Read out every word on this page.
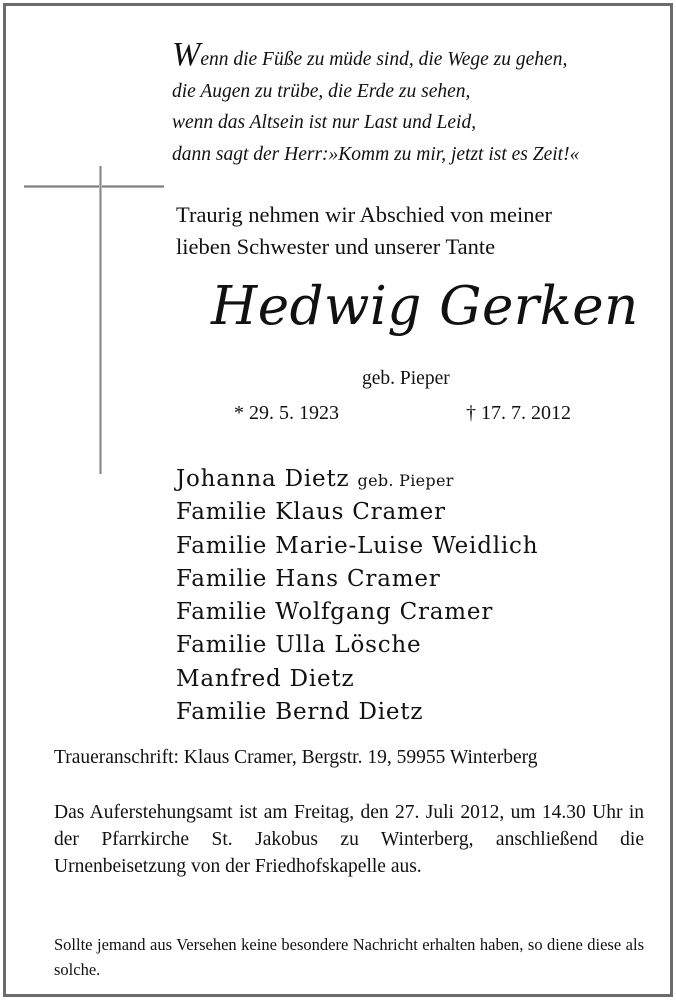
Wenn die Füße zu müde sind, die Wege zu gehen,
die Augen zu trübe, die Erde zu sehen,
wenn das Altsein ist nur Last und Leid,
dann sagt der Herr:»Komm zu mir, jetzt ist es Zeit!«
Traurig nehmen wir Abschied von meiner
lieben Schwester und unserer Tante
Hedwig Gerken
geb. Pieper
* 29. 5. 1923	† 17. 7. 2012
Johanna Dietz geb. Pieper
Familie Klaus Cramer
Familie Marie-Luise Weidlich
Familie Hans Cramer
Familie Wolfgang Cramer
Familie Ulla Lösche
Manfred Dietz
Familie Bernd Dietz
Traueranschrift: Klaus Cramer, Bergstr. 19, 59955 Winterberg
Das Auferstehungsamt ist am Freitag, den 27. Juli 2012, um 14.30 Uhr in der Pfarrkirche St. Jakobus zu Winterberg, anschließend die Urnenbeisetzung von der Friedhofskapelle aus.
Sollte jemand aus Versehen keine besondere Nachricht erhalten haben, so diene diese als solche.
